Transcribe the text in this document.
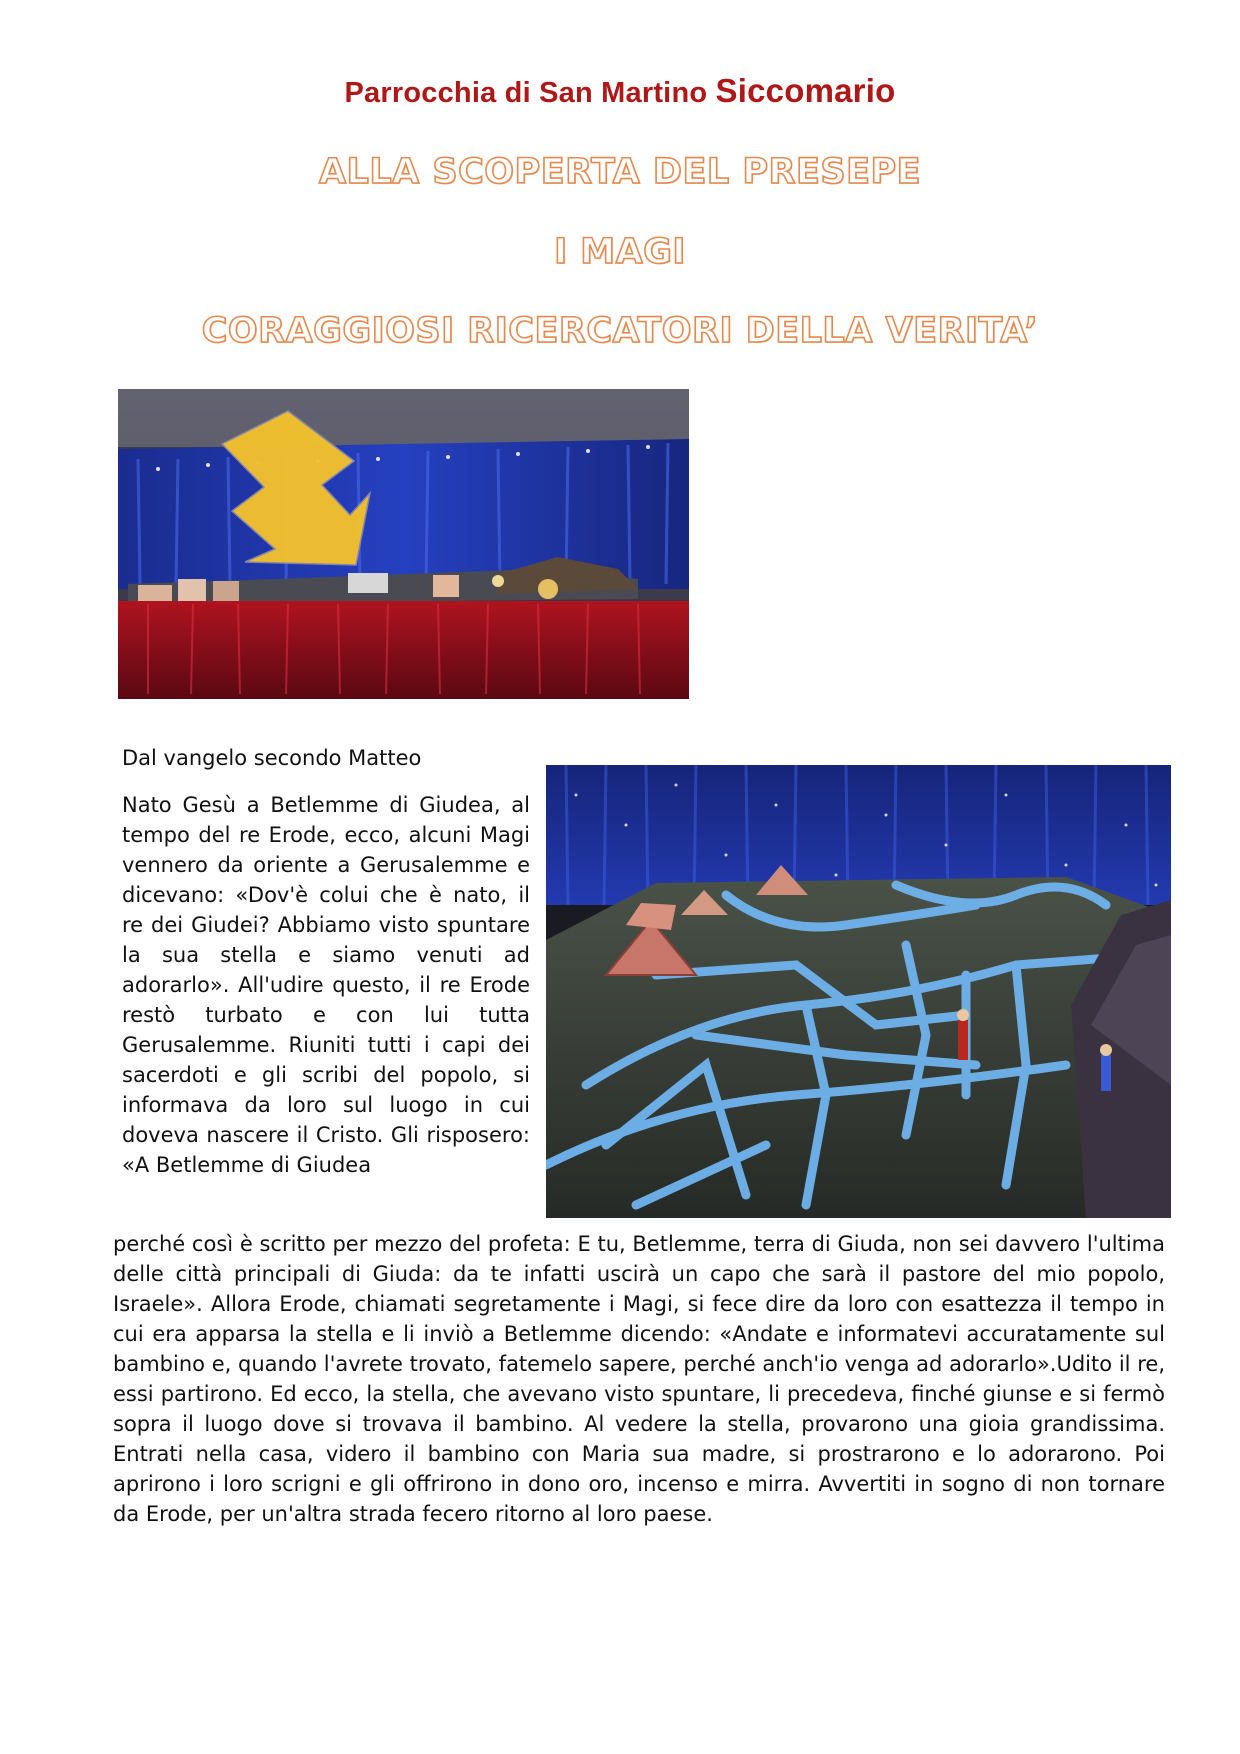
Parrocchia di San Martino Siccomario
ALLA SCOPERTA DEL PRESEPE
I MAGI
CORAGGIOSI RICERCATORI DELLA VERITA’
Dal vangelo secondo Matteo

Nato Gesù a Betlemme di Giudea, al tempo del re Erode, ecco, alcuni Magi vennero da oriente a Gerusalemme e dicevano: «Dov'è colui che è nato, il re dei Giudei? Abbiamo visto spuntare la sua stella e siamo venuti ad adorarlo». All'udire questo, il re Erode restò turbato e con lui tutta Gerusalemme. Riuniti tutti i capi dei sacerdoti e gli scribi del popolo, si informava da loro sul luogo in cui doveva nascere il Cristo. Gli risposero: «A Betlemme di Giudea

perché così è scritto per mezzo del profeta: E tu, Betlemme, terra di Giuda, non sei davvero l'ultima delle città principali di Giuda: da te infatti uscirà un capo che sarà il pastore del mio popolo, Israele». Allora Erode, chiamati segretamente i Magi, si fece dire da loro con esattezza il tempo in cui era apparsa la stella e li inviò a Betlemme dicendo: «Andate e informatevi accuratamente sul bambino e, quando l'avrete trovato, fatemelo sapere, perché anch'io venga ad adorarlo».Udito il re, essi partirono. Ed ecco, la stella, che avevano visto spuntare, li precedeva, finché giunse e si fermò sopra il luogo dove si trovava il bambino. Al vedere la stella, provarono una gioia grandissima. Entrati nella casa, videro il bambino con Maria sua madre, si prostrarono e lo adorarono. Poi aprirono i loro scrigni e gli offrirono in dono oro, incenso e mirra. Avvertiti in sogno di non tornare da Erode, per un'altra strada fecero ritorno al loro paese.
